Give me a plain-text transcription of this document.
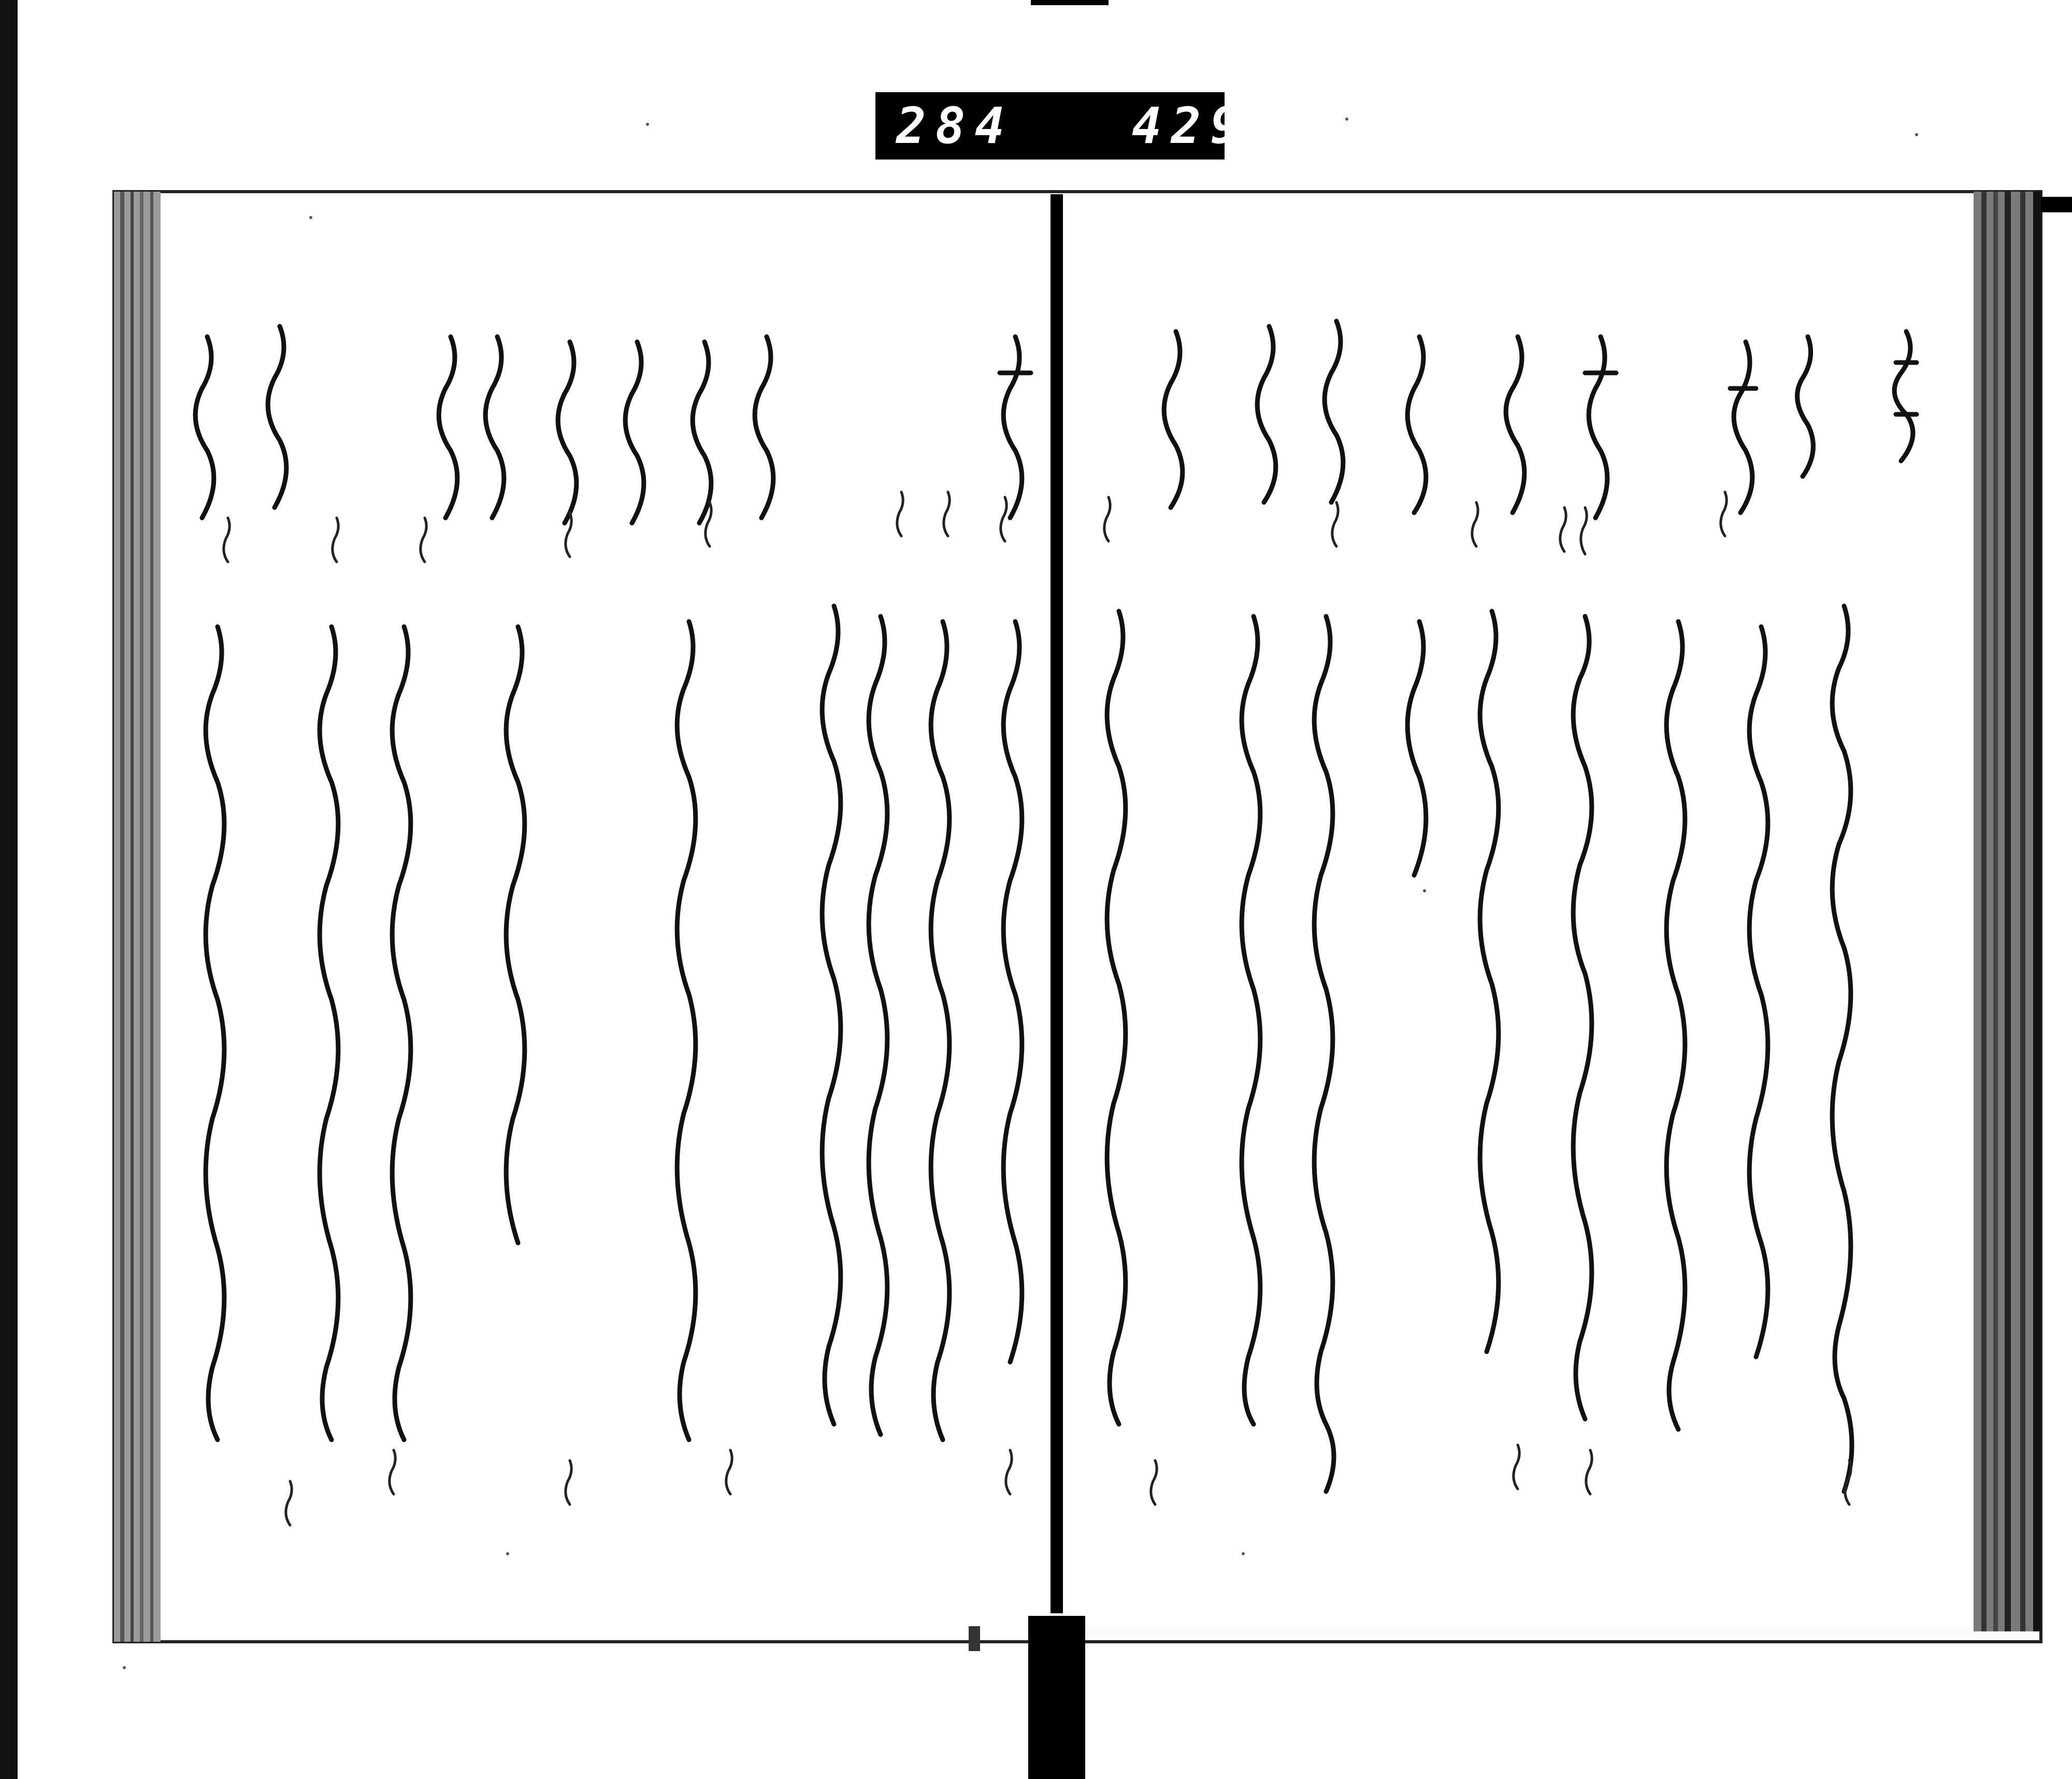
284
429
